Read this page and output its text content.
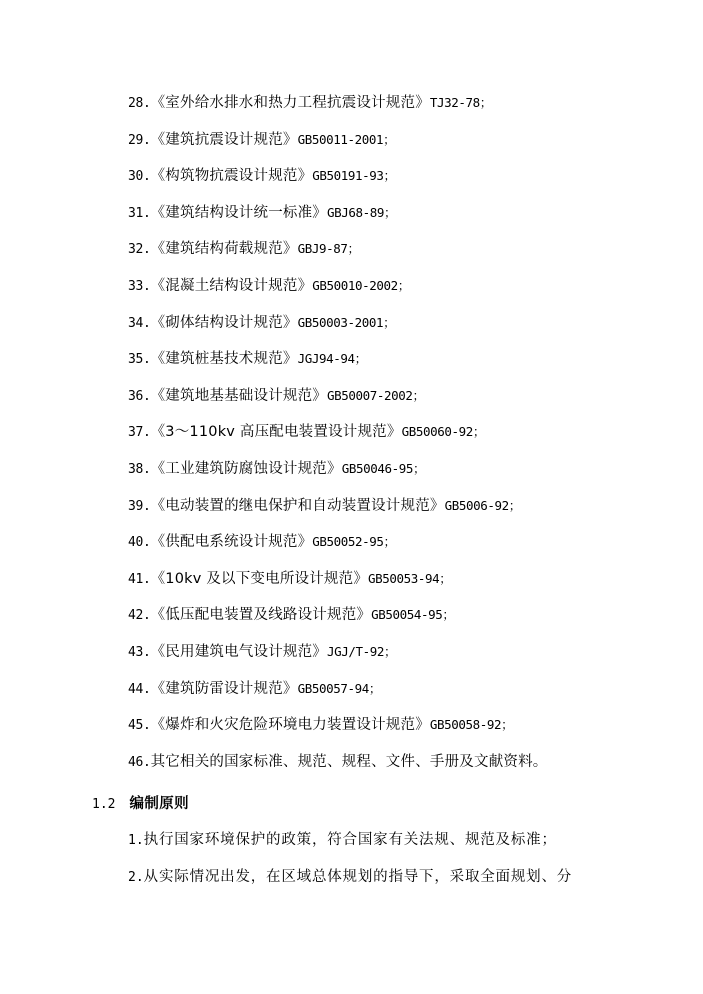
28.《室外给水排水和热力工程抗震设计规范》TJ32-78；
29.《建筑抗震设计规范》GB50011-2001；
30.《构筑物抗震设计规范》GB50191-93；
31.《建筑结构设计统一标准》GBJ68-89；
32.《建筑结构荷载规范》GBJ9-87；
33.《混凝土结构设计规范》GB50010-2002；
34.《砌体结构设计规范》GB50003-2001；
35.《建筑桩基技术规范》JGJ94-94；
36.《建筑地基基础设计规范》GB50007-2002；
37.《3～110kv 高压配电装置设计规范》GB50060-92；
38.《工业建筑防腐蚀设计规范》GB50046-95；
39.《电动装置的继电保护和自动装置设计规范》GB5006-92；
40.《供配电系统设计规范》GB50052-95；
41.《10kv 及以下变电所设计规范》GB50053-94；
42.《低压配电装置及线路设计规范》GB50054-95；
43.《民用建筑电气设计规范》JGJ/T-92；
44.《建筑防雷设计规范》GB50057-94；
45.《爆炸和火灾危险环境电力装置设计规范》GB50058-92；
46.其它相关的国家标准、规范、规程、文件、手册及文献资料。
1.2 编制原则
1.执行国家环境保护的政策，符合国家有关法规、规范及标准；
2.从实际情况出发，在区域总体规划的指导下，采取全面规划、分
